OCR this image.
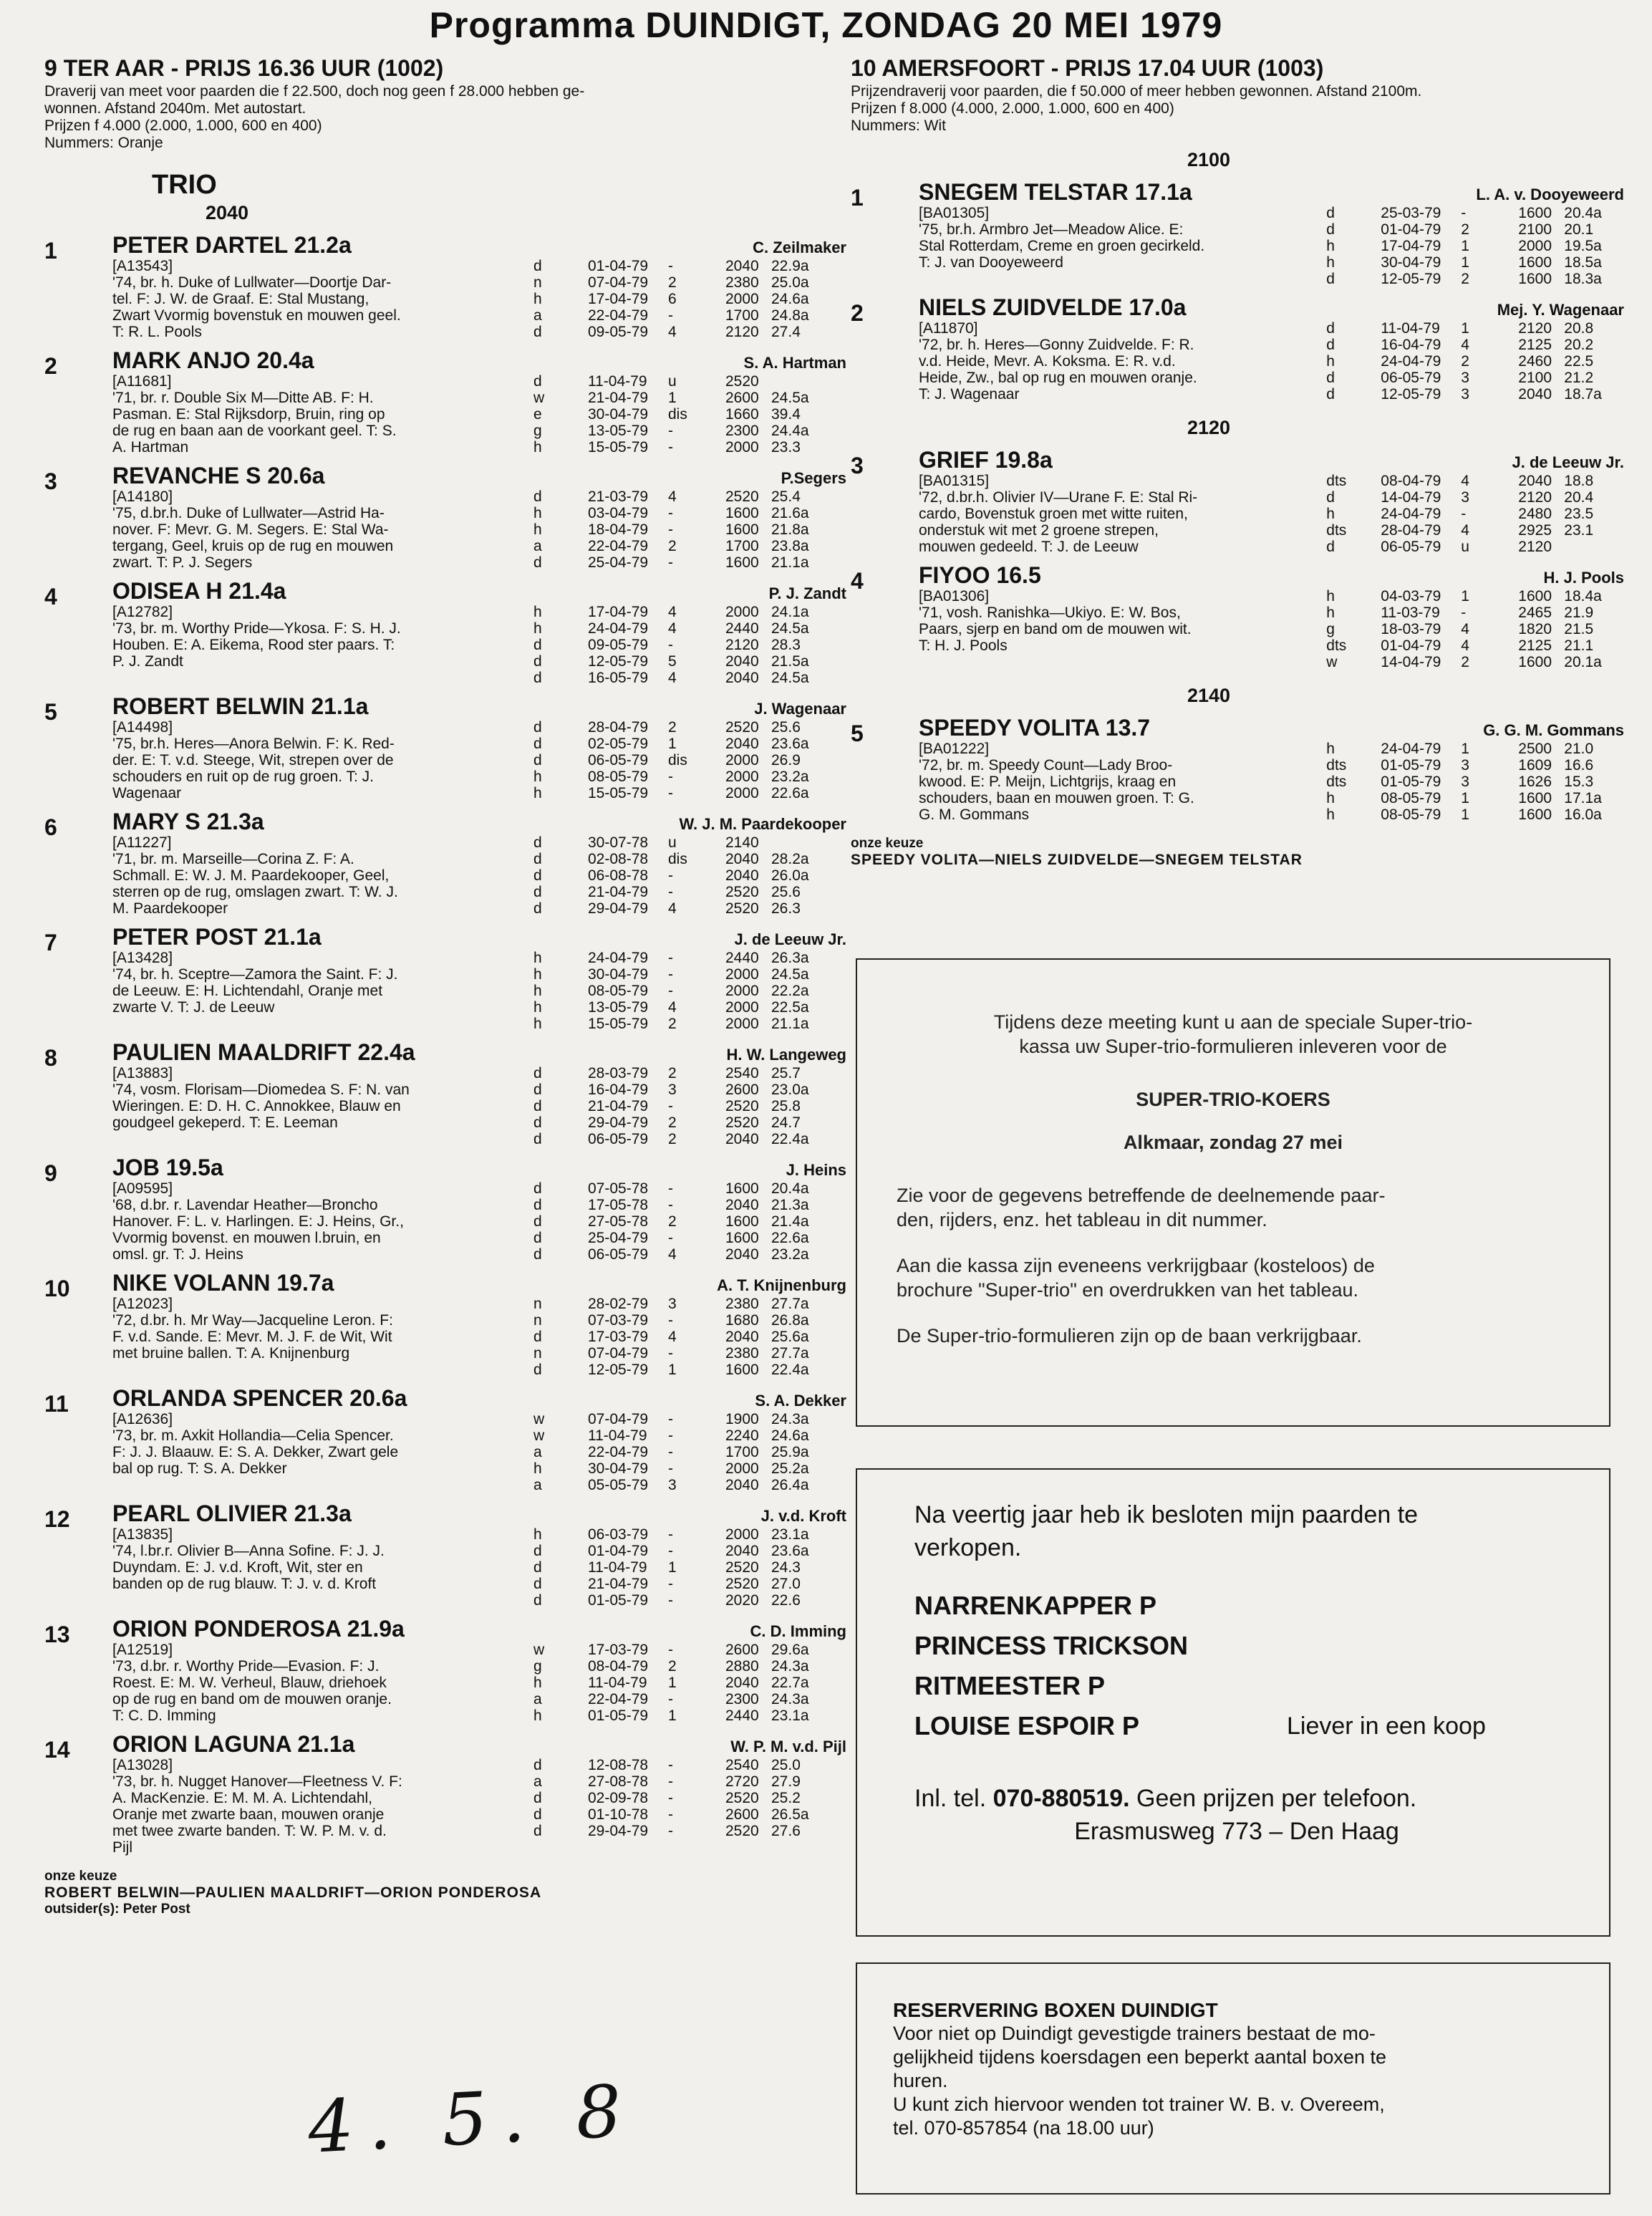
Programma DUINDIGT, ZONDAG 20 MEI 1979
9 TER AAR - PRIJS 16.36 UUR (1002)
Draverij van meet voor paarden die f 22.500, doch nog geen f 28.000 hebben ge-
wonnen. Afstand 2040m. Met autostart.
Prijzen f 4.000 (2.000, 1.000, 600 en 400)
Nummers: Oranje
TRIO
2040
1	PETER DARTEL 21.2a	C. Zeilmaker
[A13543]
'74, br. h. Duke of Lullwater—Doortje Dar-
tel. F: J. W. de Graaf. E: Stal Mustang,
Zwart Vvormig bovenstuk en mouwen geel.
T: R. L. Pools
d	01-04-79	-	2040 22.9a
n	07-04-79	2	2380 25.0a
h	17-04-79	6	2000 24.6a
a	22-04-79	-	1700 24.8a
d	09-05-79	4	2120 27.4
2	MARK ANJO 20.4a	S. A. Hartman
[A11681]
'71, br. r. Double Six M—Ditte AB. F: H.
Pasman. E: Stal Rijksdorp, Bruin, ring op
de rug en baan aan de voorkant geel. T: S.
A. Hartman
d	11-04-79	u	2520
w	21-04-79	1	2600 24.5a
e	30-04-79	dis	1660 39.4
g	13-05-79	-	2300 24.4a
h	15-05-79	-	2000 23.3
3	REVANCHE S 20.6a	P.Segers
[A14180]
'75, d.br.h. Duke of Lullwater—Astrid Ha-
nover. F: Mevr. G. M. Segers. E: Stal Wa-
tergang, Geel, kruis op de rug en mouwen
zwart. T: P. J. Segers
d	21-03-79	4	2520 25.4
h	03-04-79	-	1600 21.6a
h	18-04-79	-	1600 21.8a
a	22-04-79	2	1700 23.8a
d	25-04-79	-	1600 21.1a
4	ODISEA H 21.4a	P. J. Zandt
[A12782]
'73, br. m. Worthy Pride—Ykosa. F: S. H. J.
Houben. E: A. Eikema, Rood ster paars. T:
P. J. Zandt
h	17-04-79	4	2000 24.1a
h	24-04-79	4	2440 24.5a
d	09-05-79	-	2120 28.3
d	12-05-79	5	2040 21.5a
d	16-05-79	4	2040 24.5a
5	ROBERT BELWIN 21.1a	J. Wagenaar
[A14498]
'75, br.h. Heres—Anora Belwin. F: K. Red-
der. E: T. v.d. Steege, Wit, strepen over de
schouders en ruit op de rug groen. T: J.
Wagenaar
d	28-04-79	2	2520 25.6
d	02-05-79	1	2040 23.6a
d	06-05-79	dis	2000 26.9
h	08-05-79	-	2000 23.2a
h	15-05-79	-	2000 22.6a
6	MARY S 21.3a	W. J. M. Paardekooper
[A11227]
'71, br. m. Marseille—Corina Z. F: A.
Schmall. E: W. J. M. Paardekooper, Geel,
sterren op de rug, omslagen zwart. T: W. J.
M. Paardekooper
d	30-07-78	u	2140
d	02-08-78	dis	2040 28.2a
d	06-08-78	-	2040 26.0a
d	21-04-79	-	2520 25.6
d	29-04-79	4	2520 26.3
7	PETER POST 21.1a	J. de Leeuw Jr.
[A13428]
'74, br. h. Sceptre—Zamora the Saint. F: J.
de Leeuw. E: H. Lichtendahl, Oranje met
zwarte V. T: J. de Leeuw
h	24-04-79	-	2440 26.3a
h	30-04-79	-	2000 24.5a
h	08-05-79	-	2000 22.2a
h	13-05-79	4	2000 22.5a
h	15-05-79	2	2000 21.1a
8	PAULIEN MAALDRIFT 22.4a	H. W. Langeweg
[A13883]
'74, vosm. Florisam—Diomedea S. F: N. van
Wieringen. E: D. H. C. Annokkee, Blauw en
goudgeel gekeperd. T: E. Leeman
d	28-03-79	2	2540 25.7
d	16-04-79	3	2600 23.0a
d	21-04-79	-	2520 25.8
d	29-04-79	2	2520 24.7
d	06-05-79	2	2040 22.4a
9	JOB 19.5a	J. Heins
[A09595]
'68, d.br. r. Lavendar Heather—Broncho
Hanover. F: L. v. Harlingen. E: J. Heins, Gr.,
Vvormig bovenst. en mouwen l.bruin, en
omsl. gr. T: J. Heins
d	07-05-78	-	1600 20.4a
d	17-05-78	-	2040 21.3a
d	27-05-78	2	1600 21.4a
d	25-04-79	-	1600 22.6a
d	06-05-79	4	2040 23.2a
10	NIKE VOLANN 19.7a	A. T. Knijnenburg
[A12023]
'72, d.br. h. Mr Way—Jacqueline Leron. F:
F. v.d. Sande. E: Mevr. M. J. F. de Wit, Wit
met bruine ballen. T: A. Knijnenburg
n	28-02-79	3	2380 27.7a
n	07-03-79	-	1680 26.8a
d	17-03-79	4	2040 25.6a
n	07-04-79	-	2380 27.7a
d	12-05-79	1	1600 22.4a
11	ORLANDA SPENCER 20.6a	S. A. Dekker
[A12636]
'73, br. m. Axkit Hollandia—Celia Spencer.
F: J. J. Blaauw. E: S. A. Dekker, Zwart gele
bal op rug. T: S. A. Dekker
w	07-04-79	-	1900 24.3a
w	11-04-79	-	2240 24.6a
a	22-04-79	-	1700 25.9a
h	30-04-79	-	2000 25.2a
a	05-05-79	3	2040 26.4a
12	PEARL OLIVIER 21.3a	J. v.d. Kroft
[A13835]
'74, l.br.r. Olivier B—Anna Sofine. F: J. J.
Duyndam. E: J. v.d. Kroft, Wit, ster en
banden op de rug blauw. T: J. v. d. Kroft
h	06-03-79	-	2000 23.1a
d	01-04-79	-	2040 23.6a
d	11-04-79	1	2520 24.3
d	21-04-79	-	2520 27.0
d	01-05-79	-	2020 22.6
13	ORION PONDEROSA 21.9a	C. D. Imming
[A12519]
'73, d.br. r. Worthy Pride—Evasion. F: J.
Roest. E: M. W. Verheul, Blauw, driehoek
op de rug en band om de mouwen oranje.
T: C. D. Imming
w	17-03-79	-	2600 29.6a
g	08-04-79	2	2880 24.3a
h	11-04-79	1	2040 22.7a
a	22-04-79	-	2300 24.3a
h	01-05-79	1	2440 23.1a
14	ORION LAGUNA 21.1a	W. P. M. v.d. Pijl
[A13028]
'73, br. h. Nugget Hanover—Fleetness V. F:
A. MacKenzie. E: M. M. A. Lichtendahl,
Oranje met zwarte baan, mouwen oranje
met twee zwarte banden. T: W. P. M. v. d.
Pijl
d	12-08-78	-	2540 25.0
a	27-08-78	-	2720 27.9
d	02-09-78	-	2520 25.2
d	01-10-78	-	2600 26.5a
d	29-04-79	-	2520 27.6
onze keuze
ROBERT BELWIN—PAULIEN MAALDRIFT—ORION PONDEROSA
outsider(s): Peter Post
10 AMERSFOORT - PRIJS 17.04 UUR (1003)
Prijzendraverij voor paarden, die f 50.000 of meer hebben gewonnen. Afstand 2100m.
Prijzen f 8.000 (4.000, 2.000, 1.000, 600 en 400)
Nummers: Wit
2100
1	SNEGEM TELSTAR 17.1a	L. A. v. Dooyeweerd
[BA01305]
'75, br.h. Armbro Jet—Meadow Alice. E:
Stal Rotterdam, Creme en groen gecirkeld.
T: J. van Dooyeweerd
d	25-03-79	-	1600 20.4a
d	01-04-79	2	2100 20.1
h	17-04-79	1	2000 19.5a
h	30-04-79	1	1600 18.5a
d	12-05-79	2	1600 18.3a
2	NIELS ZUIDVELDE 17.0a	Mej. Y. Wagenaar
[A11870]
'72, br. h. Heres—Gonny Zuidvelde. F: R.
v.d. Heide, Mevr. A. Koksma. E: R. v.d.
Heide, Zw., bal op rug en mouwen oranje.
T: J. Wagenaar
d	11-04-79	1	2120 20.8
d	16-04-79	4	2125 20.2
h	24-04-79	2	2460 22.5
d	06-05-79	3	2100 21.2
d	12-05-79	3	2040 18.7a
2120
3	GRIEF 19.8a	J. de Leeuw Jr.
[BA01315]
'72, d.br.h. Olivier IV—Urane F. E: Stal Ri-
cardo, Bovenstuk groen met witte ruiten,
onderstuk wit met 2 groene strepen,
mouwen gedeeld. T: J. de Leeuw
dts	08-04-79	4	2040 18.8
d	14-04-79	3	2120 20.4
h	24-04-79	-	2480 23.5
dts	28-04-79	4	2925 23.1
d	06-05-79	u	2120
4	FIYOO 16.5	H. J. Pools
[BA01306]
'71, vosh. Ranishka—Ukiyo. E: W. Bos,
Paars, sjerp en band om de mouwen wit.
T: H. J. Pools
h	04-03-79	1	1600 18.4a
h	11-03-79	-	2465 21.9
g	18-03-79	4	1820 21.5
dts	01-04-79	4	2125 21.1
w	14-04-79	2	1600 20.1a
2140
5	SPEEDY VOLITA 13.7	G. G. M. Gommans
[BA01222]
'72, br. m. Speedy Count—Lady Broo-
kwood. E: P. Meijn, Lichtgrijs, kraag en
schouders, baan en mouwen groen. T: G.
G. M. Gommans
h	24-04-79	1	2500 21.0
dts	01-05-79	3	1609 16.6
dts	01-05-79	3	1626 15.3
h	08-05-79	1	1600 17.1a
h	08-05-79	1	1600 16.0a
onze keuze
SPEEDY VOLITA—NIELS ZUIDVELDE—SNEGEM TELSTAR
Tijdens deze meeting kunt u aan de speciale Super-trio-
kassa uw Super-trio-formulieren inleveren voor de
SUPER-TRIO-KOERS
Alkmaar, zondag 27 mei
Zie voor de gegevens betreffende de deelnemende paar-
den, rijders, enz. het tableau in dit nummer.
Aan die kassa zijn eveneens verkrijgbaar (kosteloos) de
brochure "Super-trio" en overdrukken van het tableau.
De Super-trio-formulieren zijn op de baan verkrijgbaar.
Na veertig jaar heb ik besloten mijn paarden te
verkopen.
NARRENKAPPER P
PRINCESS TRICKSON
RITMEESTER P
LOUISE ESPOIR P	Liever in een koop
Inl. tel. 070-880519. Geen prijzen per telefoon.
Erasmusweg 773 – Den Haag
RESERVERING BOXEN DUINDIGT
Voor niet op Duindigt gevestigde trainers bestaat de mo-
gelijkheid tijdens koersdagen een beperkt aantal boxen te
huren.
U kunt zich hiervoor wenden tot trainer W. B. v. Overeem,
tel. 070-857854 (na 18.00 uur)
4. 5. 8
